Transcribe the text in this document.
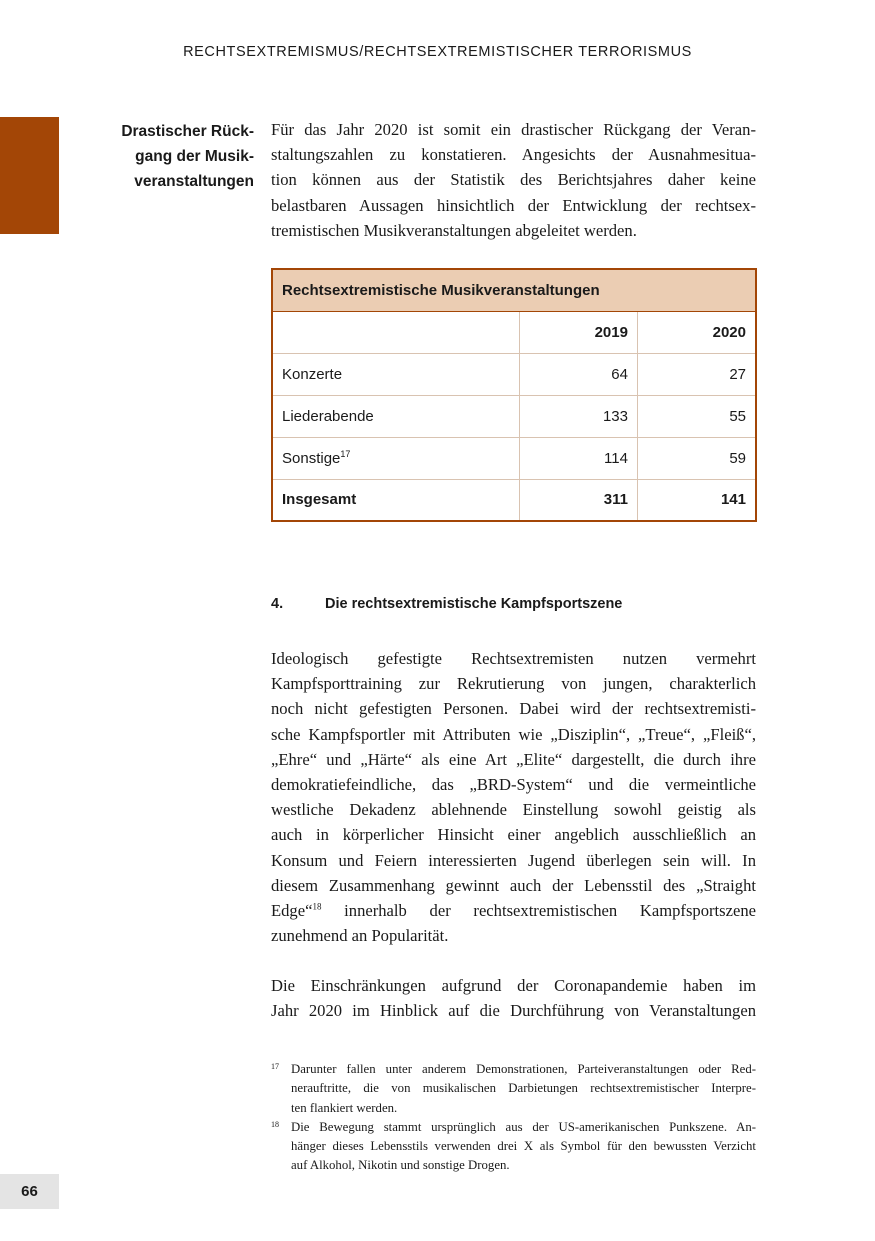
RECHTSEXTREMISMUS/RECHTSEXTREMISTISCHER TERRORISMUS
Drastischer Rück-
gang der Musik-
veranstaltungen
Für das Jahr 2020 ist somit ein drastischer Rückgang der Veran-
staltungszahlen zu konstatieren. Angesichts der Ausnahmesitua-
tion können aus der Statistik des Berichtsjahres daher keine
belastbaren Aussagen hinsichtlich der Entwicklung der rechtsex-
tremistischen Musikveranstaltungen abgeleitet werden.
Rechtsextremistische Musikveranstaltungen		
	2019	2020
Konzerte	64	27
Liederabende	133	55
Sonstige$^{17}$	114	59
Insgesamt	311	141
4.	Die rechtsextremistische Kampfsportszene
Ideologisch gefestigte Rechtsextremisten nutzen vermehrt
Kampfsporttraining zur Rekrutierung von jungen, charakterlich
noch nicht gefestigten Personen. Dabei wird der rechtsextremisti-
sche Kampfsportler mit Attributen wie „Disziplin“, „Treue“, „Fleiß“,
„Ehre“ und „Härte“ als eine Art „Elite“ dargestellt, die durch ihre
demokratiefeindliche, das „BRD-System“ und die vermeintliche
westliche Dekadenz ablehnende Einstellung sowohl geistig als
auch in körperlicher Hinsicht einer angeblich ausschließlich an
Konsum und Feiern interessierten Jugend überlegen sein will. In
diesem Zusammenhang gewinnt auch der Lebensstil des „Straight
Edge“$^{18}$ innerhalb der rechtsextremistischen Kampfsportszene
zunehmend an Popularität.
Die Einschränkungen aufgrund der Coronapandemie haben im
Jahr 2020 im Hinblick auf die Durchführung von Veranstaltungen
17 Darunter fallen unter anderem Demonstrationen, Parteiveranstaltungen oder Red-
nerauftritte, die von musikalischen Darbietungen rechtsextremistischer Interpre-
ten flankiert werden.
18 Die Bewegung stammt ursprünglich aus der US-amerikanischen Punkszene. An-
hänger dieses Lebensstils verwenden drei X als Symbol für den bewussten Verzicht
auf Alkohol, Nikotin und sonstige Drogen.
66
